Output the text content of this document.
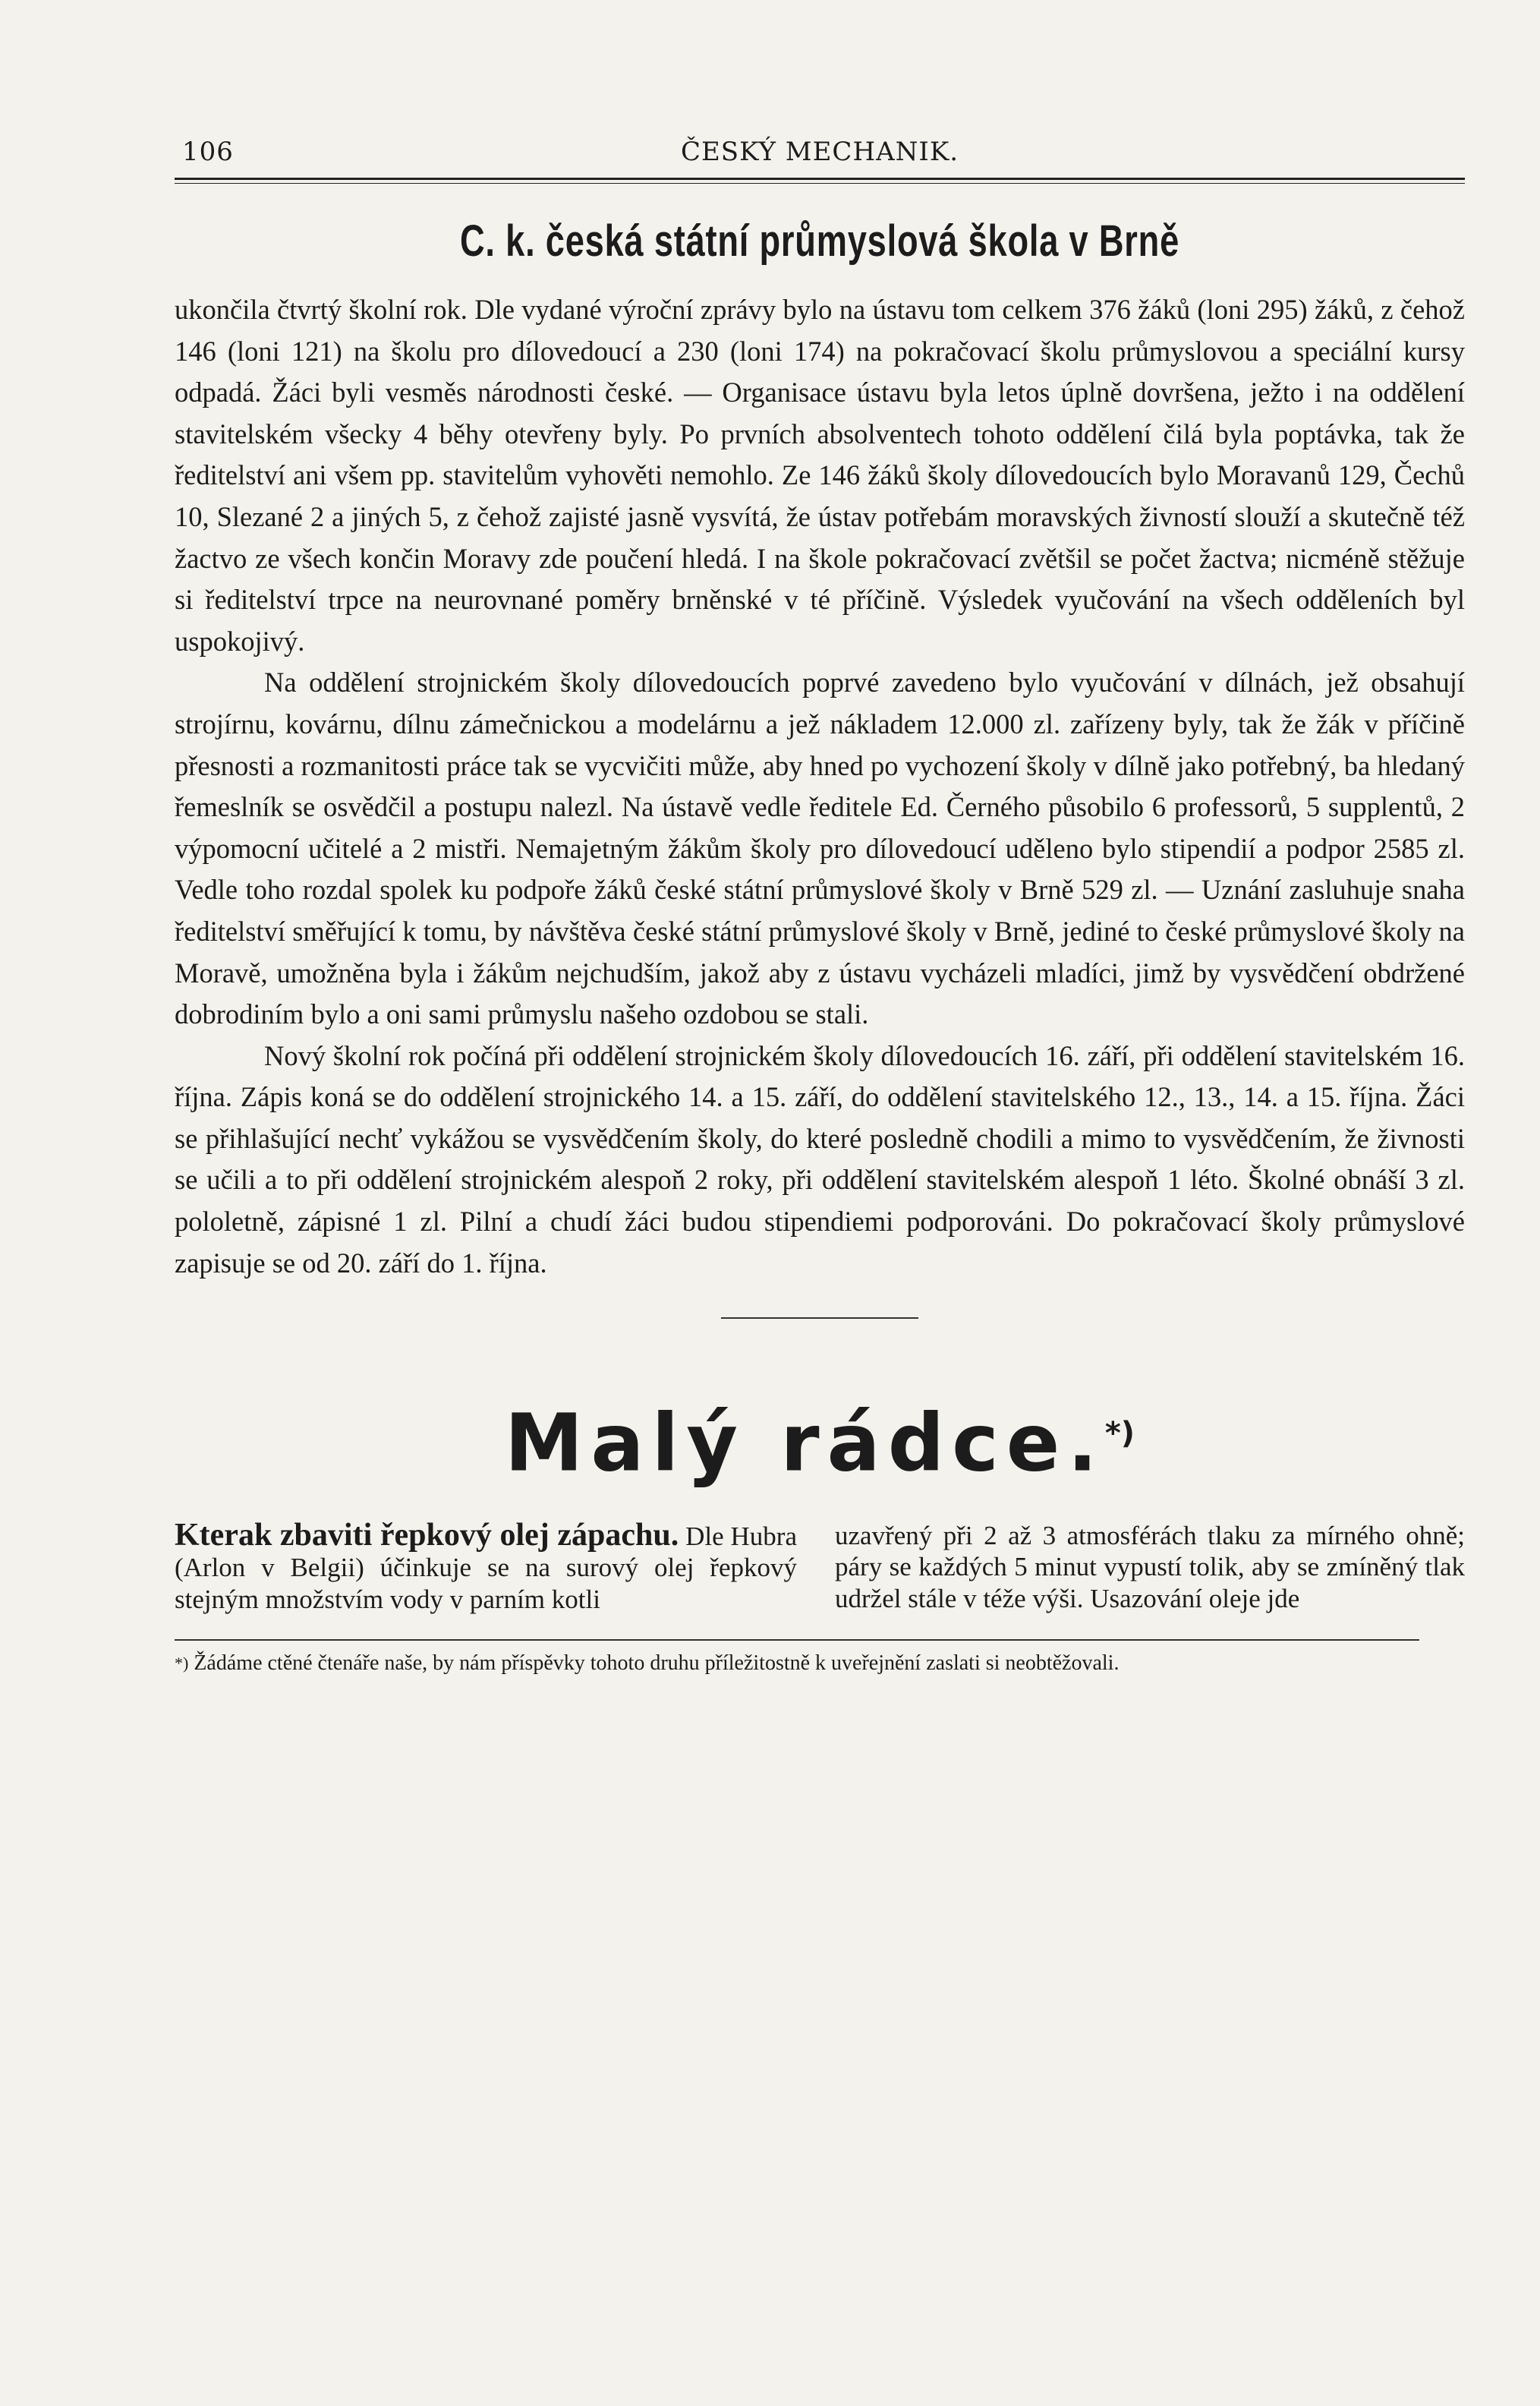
106	ČESKÝ MECHANIK.
C. k. česká státní průmyslová škola v Brně

ukončila čtvrtý školní rok. Dle vydané výroční zprávy bylo na ústavu tom celkem 376 žáků (loni 295) žáků, z čehož 146 (loni 121) na školu pro dílovedoucí a 230 (loni 174) na pokračovací školu průmyslovou a speciální kursy odpadá. Žáci byli vesměs národnosti české. — Organisace ústavu byla letos úplně dovršena, ježto i na oddělení stavitelském všecky 4 běhy otevřeny byly. Po prvních absolventech tohoto oddělení čilá byla poptávka, tak že ředitelství ani všem pp. stavitelům vyhověti nemohlo. Ze 146 žáků školy dílovedoucích bylo Moravanů 129, Čechů 10, Slezané 2 a jiných 5, z čehož zajisté jasně vysvítá, že ústav potřebám moravských živností slouží a skutečně též žactvo ze všech končin Moravy zde poučení hledá. I na škole pokračovací zvětšil se počet žactva; nicméně stěžuje si ředitelství trpce na neurovnané poměry brněnské v té příčině. Výsledek vyučování na všech odděleních byl uspokojivý.

Na oddělení strojnickém školy dílovedoucích poprvé zavedeno bylo vyučování v dílnách, jež obsahují strojírnu, kovárnu, dílnu zámečnickou a modelárnu a jež nákladem 12.000 zl. zařízeny byly, tak že žák v příčině přesnosti a rozmanitosti práce tak se vycvičiti může, aby hned po vychození školy v dílně jako potřebný, ba hledaný řemeslník se osvědčil a postupu nalezl. Na ústavě vedle ředitele Ed. Černého působilo 6 professorů, 5 supplentů, 2 výpomocní učitelé a 2 mistři. Nemajetným žákům školy pro dílovedoucí uděleno bylo stipendií a podpor 2585 zl. Vedle toho rozdal spolek ku podpoře žáků české státní průmyslové školy v Brně 529 zl. — Uznání zasluhuje snaha ředitelství směřující k tomu, by návštěva české státní průmyslové školy v Brně, jediné to české průmyslové školy na Moravě, umožněna byla i žákům nejchudším, jakož aby z ústavu vycházeli mladíci, jimž by vysvědčení obdržené dobrodiním bylo a oni sami průmyslu našeho ozdobou se stali.

Nový školní rok počíná při oddělení strojnickém školy dílovedoucích 16. září, při oddělení stavitelském 16. října. Zápis koná se do oddělení strojnického 14. a 15. září, do oddělení stavitelského 12., 13., 14. a 15. října. Žáci se přihlašující nechť vykážou se vysvědčením školy, do které posledně chodili a mimo to vysvědčením, že živnosti se učili a to při oddělení strojnickém alespoň 2 roky, při oddělení stavitelském alespoň 1 léto. Školné obnáší 3 zl. pololetně, zápisné 1 zl. Pilní a chudí žáci budou stipendiemi podporováni. Do pokračovací školy průmyslové zapisuje se od 20. září do 1. října.

Malý rádce.*)
Kterak zbaviti řepkový olej zápachu. Dle Hubra (Arlon v Belgii) účinkuje se na surový olej řepkový stejným množstvím vody v parním kotli
uzavřený při 2 až 3 atmosférách tlaku za mírného ohně; páry se každých 5 minut vypustí tolik, aby se zmíněný tlak udržel stále v téže výši. Usazování oleje jde
*) Žádáme ctěné čtenáře naše, by nám příspěvky tohoto druhu příležitostně k uveřejnění zaslati si neobtěžovali.
